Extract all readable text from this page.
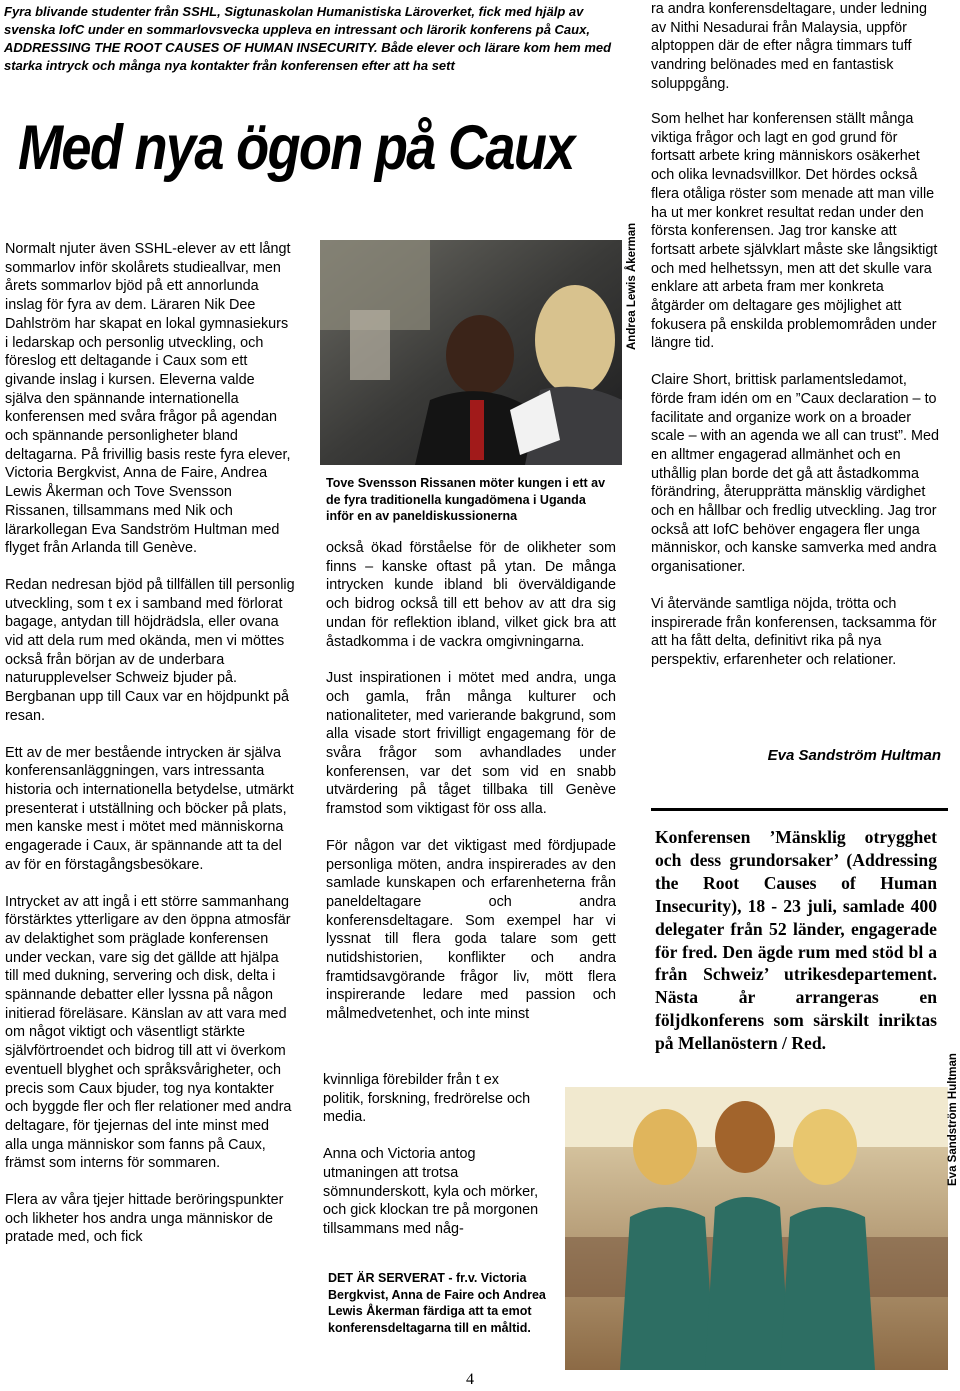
Fyra blivande studenter från SSHL, Sigtunaskolan Humanistiska Läroverket, fick med hjälp av svenska IofC under en sommarlovsvecka uppleva en intressant och lärorik konferens på Caux, ADDRESSING THE ROOT CAUSES OF HUMAN INSECURITY. Både elever och lärare kom hem med starka intryck och många nya kontakter från konferensen efter att ha sett
Med nya ögon på Caux

Normalt njuter även SSHL-elever av ett långt sommarlov inför skolårets studieallvar, men årets sommarlov bjöd på ett annorlunda inslag för fyra av dem. Läraren Nik Dee Dahlström har skapat en lokal gymnasiekurs i ledarskap och personlig utveckling, och föreslog ett deltagande i Caux som ett givande inslag i kursen. Eleverna valde själva den spännande internationella konferensen med svåra frågor på agendan och spännande personligheter bland deltagarna. På frivillig basis reste fyra elever, Victoria Bergkvist, Anna de Faire, Andrea Lewis Åkerman och Tove Svensson Rissanen, tillsammans med Nik och lärarkollegan Eva Sandström Hultman med flyget från Arlanda till Genève.

Redan nedresan bjöd på tillfällen till personlig utveckling, som t ex i samband med förlorat bagage, antydan till höjdrädsla, eller ovana vid att dela rum med okända, men vi möttes också från början av de underbara naturupplevelser Schweiz bjuder på. Bergbanan upp till Caux var en höjdpunkt på resan.

Ett av de mer bestående intrycken är själva konferensanläggningen, vars intressanta historia och internationella betydelse, utmärkt presenterat i utställning och böcker på plats, men kanske mest i mötet med människorna engagerade i Caux, är spännande att ta del av för en förstagångsbesökare.

Intrycket av att ingå i ett större sammanhang förstärktes ytterligare av den öppna atmosfär av delaktighet som präglade konferensen under veckan, vare sig det gällde att hjälpa till med dukning, servering och disk, delta i spännande debatter eller lyssna på någon initierad föreläsare. Känslan av att vara med om något viktigt och väsentligt stärkte självförtroendet och bidrog till att vi överkom eventuell blyghet och språksvårigheter, och precis som Caux bjuder, tog nya kontakter och byggde fler och fler relationer med andra deltagare, för tjejernas del inte minst med alla unga människor som fanns på Caux, främst som interns för sommaren.

Flera av våra tjejer hittade beröringspunkter och likheter hos andra unga människor de pratade med, och fick

Andrea Lewis Åkerman
Tove Svensson Rissanen möter kungen i ett av de fyra traditionella kungadömena i Uganda inför en av paneldiskussionerna

också ökad förståelse för de olikheter som finns – kanske oftast på ytan. De många intrycken kunde ibland bli överväldigande och bidrog också till ett behov av att dra sig undan för reflektion ibland, vilket gick bra att åstadkomma i de vackra omgivningarna.

Just inspirationen i mötet med andra, unga och gamla, från många kulturer och nationaliteter, med varierande bakgrund, som alla visade stort frivilligt engagemang för de svåra frågor som avhandlades under konferensen, var det som vid en snabb utvärdering på tåget tillbaka till Genève framstod som viktigast för oss alla.

För någon var det viktigast med fördjupade personliga möten, andra inspirerades av den samlade kunskapen och erfarenheterna från paneldeltagare och andra konferensdeltagare. Som exempel har vi lyssnat till flera goda talare som gett nutidshistorien, konflikter och andra framtidsavgörande frågor liv, mött flera inspirerande ledare med passion och målmedvetenhet, och inte minst

kvinnliga förebilder från t ex politik, forskning, fredrörelse och media.

Anna och Victoria antog utmaningen att trotsa sömnunderskott, kyla och mörker, och gick klockan tre på morgonen tillsammans med någ-

DET ÄR SERVERAT - fr.v. Victoria Bergkvist, Anna de Faire och Andrea Lewis Åkerman färdiga att ta emot konferensdeltagarna till en måltid.
ra andra konferensdeltagare, under ledning av Nithi Nesadurai från Malaysia, uppför alptoppen där de efter några timmars tuff vandring belönades med en fantastisk soluppgång.

Som helhet har konferensen ställt många viktiga frågor och lagt en god grund för fortsatt arbete kring människors osäkerhet och olika levnadsvillkor. Det hördes också flera otåliga röster som menade att man ville ha ut mer konkret resultat redan under den första konferensen. Jag tror kanske att fortsatt arbete självklart måste ske långsiktigt och med helhetssyn, men att det skulle vara enklare att arbeta fram mer konkreta åtgärder om deltagare ges möjlighet att fokusera på enskilda problemområden under längre tid.

Claire Short, brittisk parlamentsledamot, förde fram idén om en ”Caux declaration – to facilitate and organize work on a broader scale – with an agenda we all can trust”. Med en alltmer engagerad allmänhet och en uthållig plan borde det gå att åstadkomma förändring, återupprätta mänsklig värdighet och en hållbar och fredlig utveckling. Jag tror också att IofC behöver engagera fler unga människor, och kanske samverka med andra organisationer.

Vi återvände samtliga nöjda, trötta och inspirerade från konferensen, tacksamma för att ha fått delta, definitivt rika på nya perspektiv, erfarenheter och relationer.

Eva Sandström Hultman
Konferensen ’Mänsklig otrygghet och dess grundorsaker’ (Addressing the Root Causes of Human Insecurity), 18 - 23 juli, samlade 400 delegater från 52 länder, engagerade för fred. Den ägde rum med stöd bl a från Schweiz’ utrikesdepartement. Nästa år arrangeras en följdkonferens som särskilt inriktas på Mellanöstern / Red.
Eva Sandström Hultman
4
